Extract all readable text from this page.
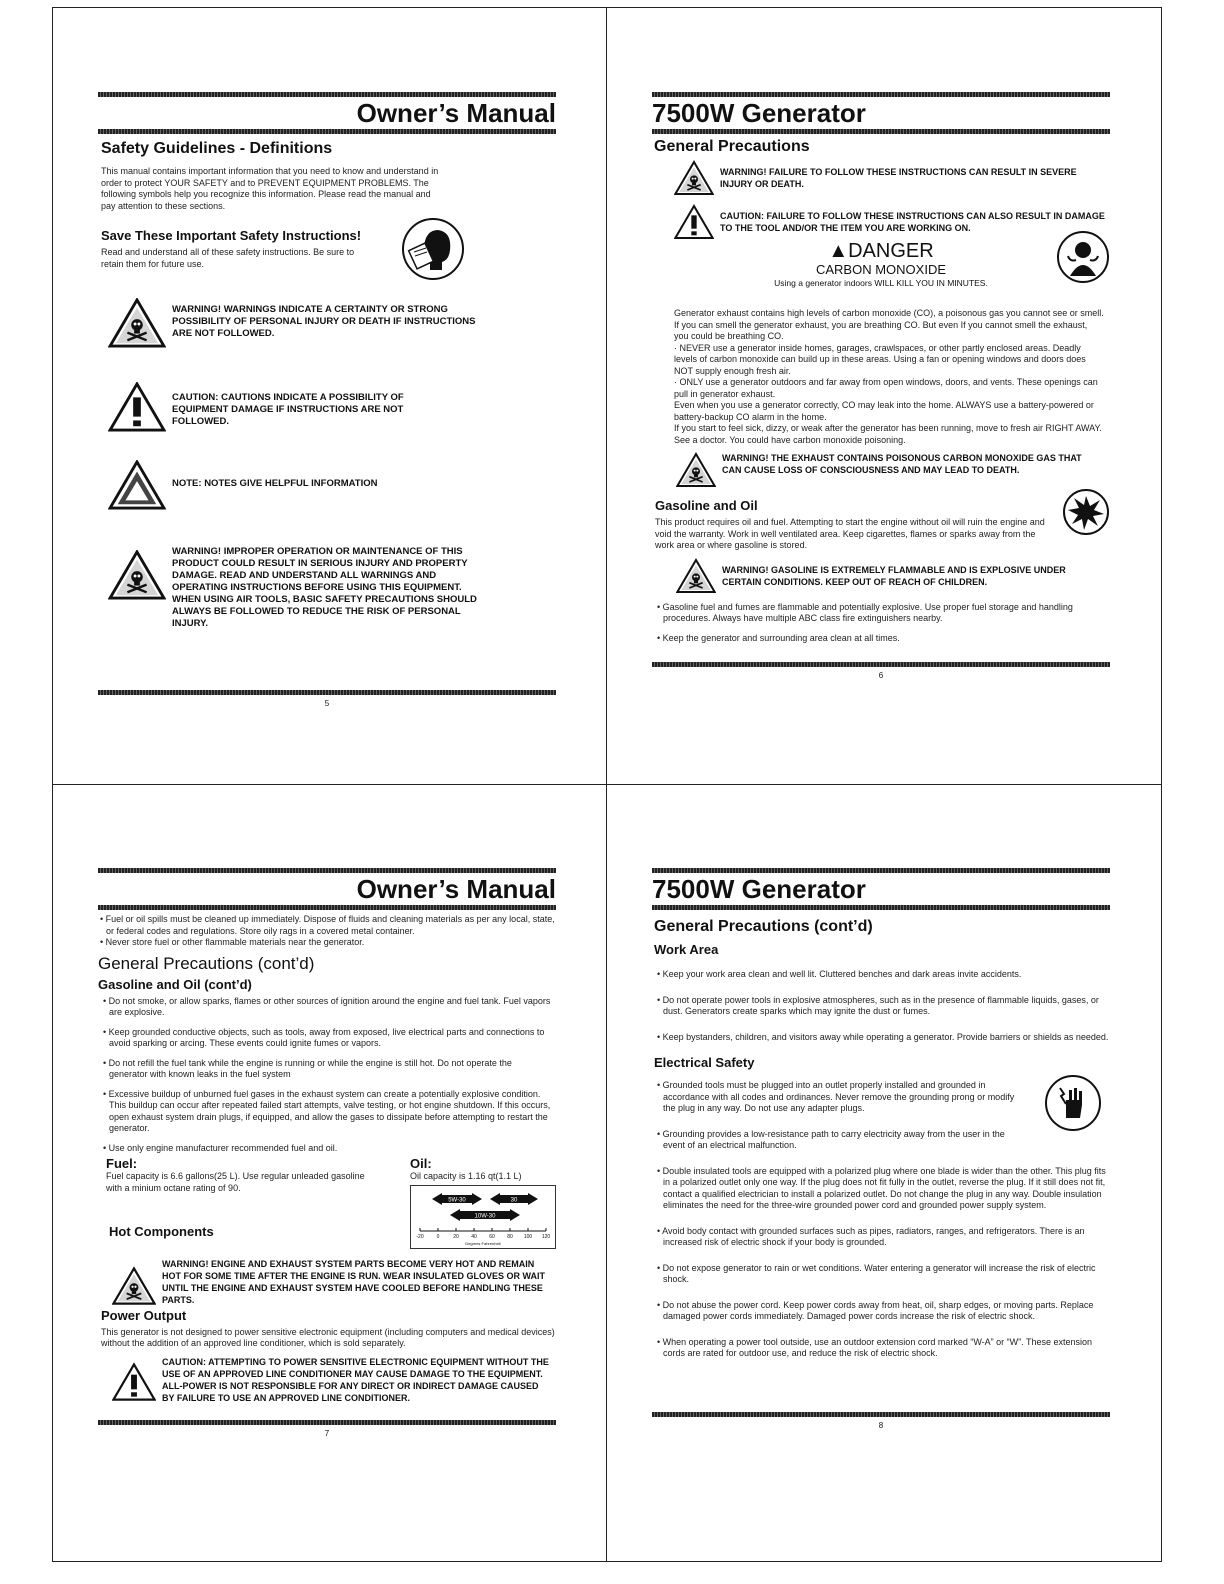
Owner’s Manual
Safety Guidelines - Definitions

This manual contains important information that you need to know and understand in order to protect YOUR SAFETY and to PREVENT EQUIPMENT PROBLEMS. The following symbols help you recognize this information. Please read the manual and pay attention to these sections.

Save These Important Safety Instructions!

Read and understand all of these safety instructions. Be sure to retain them for future use.

WARNING! WARNINGS INDICATE A CERTAINTY OR STRONG POSSIBILITY OF PERSONAL INJURY OR DEATH IF INSTRUCTIONS ARE NOT FOLLOWED.
CAUTION: CAUTIONS INDICATE A POSSIBILITY OF EQUIPMENT DAMAGE IF INSTRUCTIONS ARE NOT FOLLOWED.
NOTE: NOTES GIVE HELPFUL INFORMATION
WARNING! IMPROPER OPERATION OR MAINTENANCE OF THIS PRODUCT COULD RESULT IN SERIOUS INJURY AND PROPERTY DAMAGE. READ AND UNDERSTAND ALL WARNINGS AND OPERATING INSTRUCTIONS BEFORE USING THIS EQUIPMENT. WHEN USING AIR TOOLS, BASIC SAFETY PRECAUTIONS SHOULD ALWAYS BE FOLLOWED TO REDUCE THE RISK OF PERSONAL INJURY.
5
7500W Generator
General Precautions
WARNING! FAILURE TO FOLLOW THESE INSTRUCTIONS CAN RESULT IN SEVERE INJURY OR DEATH.
CAUTION: FAILURE TO FOLLOW THESE INSTRUCTIONS CAN ALSO RESULT IN DAMAGE TO THE TOOL AND/OR THE ITEM YOU ARE WORKING ON.
▲DANGER
CARBON MONOXIDE
Using a generator indoors WILL KILL YOU IN MINUTES.

Generator exhaust contains high levels of carbon monoxide (CO), a poisonous gas you cannot see or smell. If you can smell the generator exhaust, you are breathing CO. But even If you cannot smell the exhaust, you could be breathing CO.

· NEVER use a generator inside homes, garages, crawlspaces, or other partly enclosed areas. Deadly levels of carbon monoxide can build up in these areas. Using a fan or opening windows and doors does NOT supply enough fresh air.

· ONLY use a generator outdoors and far away from open windows, doors, and vents. These openings can pull in generator exhaust.

Even when you use a generator correctly, CO may leak into the home. ALWAYS use a battery-powered or battery-backup CO alarm in the home.

If you start to feel sick, dizzy, or weak after the generator has been running, move to fresh air RIGHT AWAY. See a doctor. You could have carbon monoxide poisoning.

WARNING! THE EXHAUST CONTAINS POISONOUS CARBON MONOXIDE GAS THAT CAN CAUSE LOSS OF CONSCIOUSNESS AND MAY LEAD TO DEATH.
Gasoline and Oil

This product requires oil and fuel. Attempting to start the engine without oil will ruin the engine and void the warranty. Work in well ventilated area. Keep cigarettes, flames or sparks away from the work area or where gasoline is stored.

WARNING! GASOLINE IS EXTREMELY FLAMMABLE AND IS EXPLOSIVE UNDER CERTAIN CONDITIONS. KEEP OUT OF REACH OF CHILDREN.
• Gasoline fuel and fumes are flammable and potentially explosive. Use proper fuel storage and handling procedures. Always have multiple ABC class fire extinguishers nearby.
• Keep the generator and surrounding area clean at all times.
6
Owner’s Manual
• Fuel or oil spills must be cleaned up immediately. Dispose of fluids and cleaning materials as per any local, state, or federal codes and regulations. Store oily rags in a covered metal container.
• Never store fuel or other flammable materials near the generator.
General Precautions (cont’d)
Gasoline and Oil (cont’d)
• Do not smoke, or allow sparks, flames or other sources of ignition around the engine and fuel tank. Fuel vapors are explosive.
• Keep grounded conductive objects, such as tools, away from exposed, live electrical parts and connections to avoid sparking or arcing. These events could ignite fumes or vapors.
• Do not refill the fuel tank while the engine is running or while the engine is still hot. Do not operate the generator with known leaks in the fuel system
• Excessive buildup of unburned fuel gases in the exhaust system can create a potentially explosive condition. This buildup can occur after repeated failed start attempts, valve testing, or hot engine shutdown. If this occurs, open exhaust system drain plugs, if equipped, and allow the gases to dissipate before attempting to restart the generator.
• Use only engine manufacturer recommended fuel and oil.
Fuel:

Fuel capacity is 6.6 gallons(25 L). Use regular unleaded gasoline with a minium octane rating of 90.

Hot Components
Oil:

Oil capacity is 1.16 qt(1.1 L)

5W-30	30
10W-30
-20	0	20 40 60 80 100 120
Degrees Fahrenheit
WARNING! ENGINE AND EXHAUST SYSTEM PARTS BECOME VERY HOT AND REMAIN HOT FOR SOME TIME AFTER THE ENGINE IS RUN. WEAR INSULATED GLOVES OR WAIT UNTIL THE ENGINE AND EXHAUST SYSTEM HAVE COOLED BEFORE HANDLING THESE PARTS.
Power Output

This generator is not designed to power sensitive electronic equipment (including computers and medical devices) without the addition of an approved line conditioner, which is sold separately.

CAUTION: ATTEMPTING TO POWER SENSITIVE ELECTRONIC EQUIPMENT WITHOUT THE USE OF AN APPROVED LINE CONDITIONER MAY CAUSE DAMAGE TO THE EQUIPMENT. ALL-POWER IS NOT RESPONSIBLE FOR ANY DIRECT OR INDIRECT DAMAGE CAUSED BY FAILURE TO USE AN APPROVED LINE CONDITIONER.
7
7500W Generator
General Precautions (cont’d)
Work Area
• Keep your work area clean and well lit. Cluttered benches and dark areas invite accidents.
• Do not operate power tools in explosive atmospheres, such as in the presence of flammable liquids, gases, or dust. Generators create sparks which may ignite the dust or fumes.
• Keep bystanders, children, and visitors away while operating a generator. Provide barriers or shields as needed.
Electrical Safety
• Grounded tools must be plugged into an outlet properly installed and grounded in accordance with all codes and ordinances. Never remove the grounding prong or modify the plug in any way. Do not use any adapter plugs.
• Grounding provides a low-resistance path to carry electricity away from the user in the event of an electrical malfunction.
• Double insulated tools are equipped with a polarized plug where one blade is wider than the other. This plug fits in a polarized outlet only one way. If the plug does not fit fully in the outlet, reverse the plug. If it still does not fit, contact a qualified electrician to install a polarized outlet. Do not change the plug in any way. Double insulation eliminates the need for the three-wire grounded power cord and grounded power supply system.
• Avoid body contact with grounded surfaces such as pipes, radiators, ranges, and refrigerators. There is an increased risk of electric shock if your body is grounded.
• Do not expose generator to rain or wet conditions. Water entering a generator will increase the risk of electric shock.
• Do not abuse the power cord. Keep power cords away from heat, oil, sharp edges, or moving parts. Replace damaged power cords immediately. Damaged power cords increase the risk of electric shock.
• When operating a power tool outside, use an outdoor extension cord marked “W-A” or “W”. These extension cords are rated for outdoor use, and reduce the risk of electric shock.
8
